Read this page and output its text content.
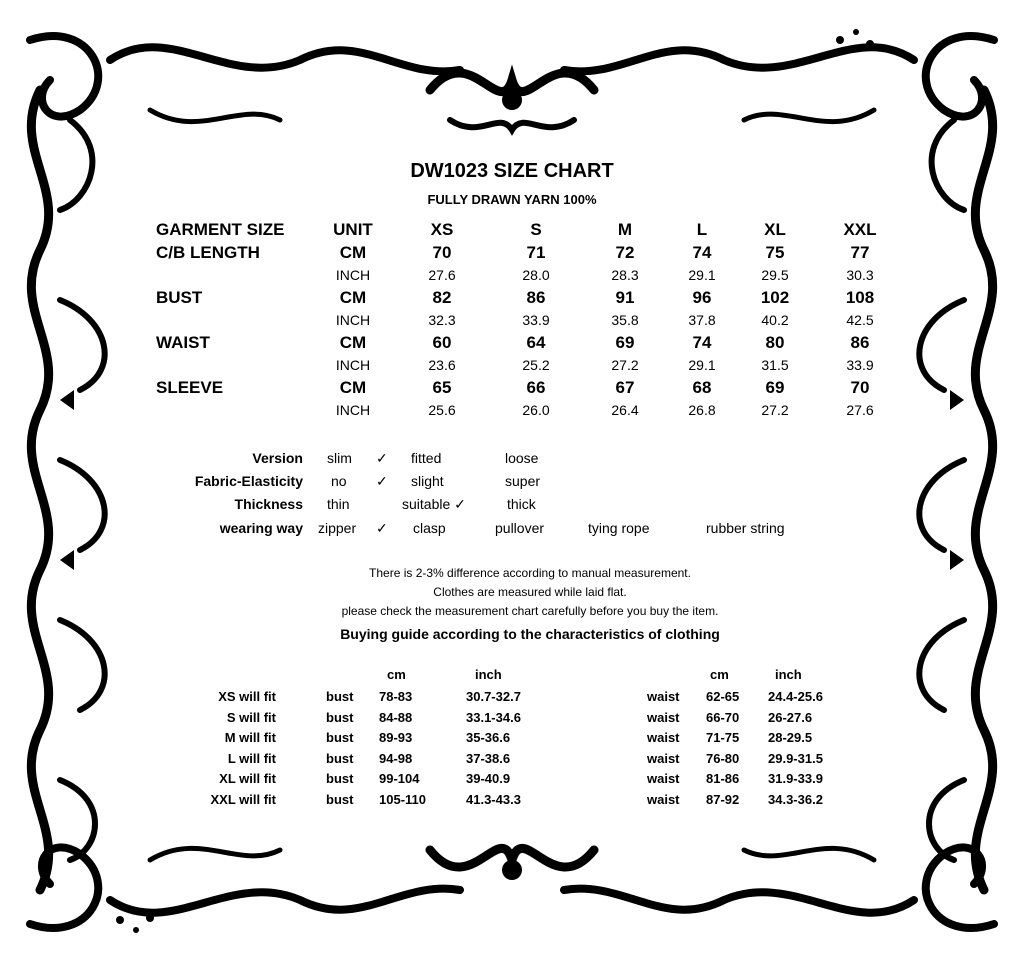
DW1023 SIZE CHART
FULLY DRAWN YARN 100%
GARMENT SIZE	UNIT	XS	S	M	L	XL	XXL
C/B LENGTH	CM	70	71	72	74	75	77
INCH	27.6	28.0	28.3	29.1	29.5	30.3
BUST	CM	82	86	91	96	102	108
INCH	32.3	33.9	35.8	37.8	40.2	42.5
WAIST	CM	60	64	69	74	80	86
INCH	23.6	25.2	27.2	29.1	31.5	33.9
SLEEVE	CM	65	66	67	68	69	70
INCH	25.6	26.0	26.4	26.8	27.2	27.6
Version slim ✓ fitted	loose
Fabric-Elasticity no ✓ slight	super
Thickness thin	suitable ✓	thick
wearing way zipper ✓ clasp	pullover	tying rope	rubber string
There is 2-3% difference according to manual measurement.
Clothes are measured while laid flat.
please check the measurement chart carefully before you buy the item.
Buying guide according to the characteristics of clothing
cm	inch	cm	inch
XS will fit	bust 78-83	30.7-32.7	waist 62-65 24.4-25.6
S will fit	bust 84-88	33.1-34.6	waist 66-70 26-27.6
M will fit	bust 89-93	35-36.6	waist 71-75 28-29.5
L will fit	bust 94-98	37-38.6	waist 76-80 29.9-31.5
XL will fit	bust 99-104	39-40.9	waist 81-86 31.9-33.9
XXL will fit	bust 105-110	41.3-43.3	waist 87-92 34.3-36.2
